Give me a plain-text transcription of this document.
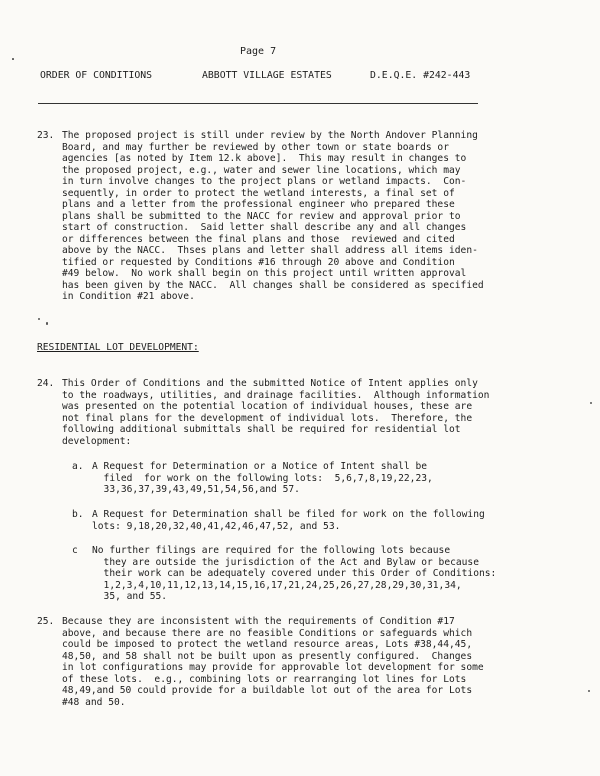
Page 7
ORDER OF CONDITIONS	ABBOTT VILLAGE ESTATES	D.E.Q.E. #242-443
23. The proposed project is still under review by the North Andover Planning
Board, and may further be reviewed by other town or state boards or
agencies [as noted by Item 12.k above].  This may result in changes to
the proposed project, e.g., water and sewer line locations, which may
in turn involve changes to the project plans or wetland impacts.  Con-
sequently, in order to protect the wetland interests, a final set of
plans and a letter from the professional engineer who prepared these
plans shall be submitted to the NACC for review and approval prior to
start of construction.  Said letter shall describe any and all changes
or differences between the final plans and those  reviewed and cited
above by the NACC.  Thses plans and letter shall address all items iden-
tified or requested by Conditions #16 through 20 above and Condition
#49 below.  No work shall begin on this project until written approval
has been given by the NACC.  All changes shall be considered as specified
in Condition #21 above.
RESIDENTIAL LOT DEVELOPMENT:
24. This Order of Conditions and the submitted Notice of Intent applies only
to the roadways, utilities, and drainage facilities.  Although information
was presented on the potential location of individual houses, these are
not final plans for the development of individual lots.  Therefore, the
following additional submittals shall be required for residential lot
development:
a. A Request for Determination or a Notice of Intent shall be
filed  for work on the following lots:  5,6,7,8,19,22,23,
33,36,37,39,43,49,51,54,56,and 57.
b. A Request for Determination shall be filed for work on the following
lots: 9,18,20,32,40,41,42,46,47,52, and 53.
c No further filings are required for the following lots because
they are outside the jurisdiction of the Act and Bylaw or because
their work can be adequately covered under this Order of Conditions:
1,2,3,4,10,11,12,13,14,15,16,17,21,24,25,26,27,28,29,30,31,34,
35, and 55.
25. Because they are inconsistent with the requirements of Condition #17
above, and because there are no feasible Conditions or safeguards which
could be imposed to protect the wetland resource areas, Lots #38,44,45,
48,50, and 58 shall not be built upon as presently configured.  Changes
in lot configurations may provide for approvable lot development for some
of these lots.  e.g., combining lots or rearranging lot lines for Lots
48,49,and 50 could provide for a buildable lot out of the area for Lots
#48 and 50.
